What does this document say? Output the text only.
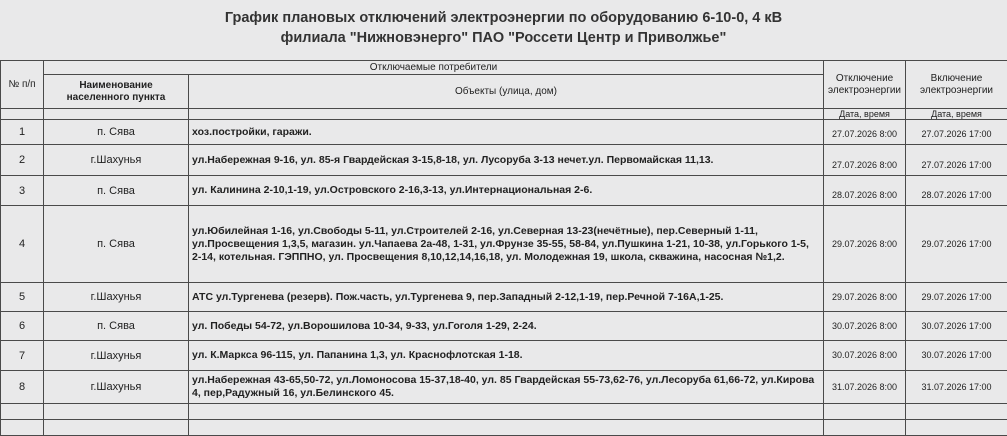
График плановых отключений электроэнергии по оборудованию 6-10-0, 4 кВ
филиала "Нижновэнерго" ПАО "Россети Центр и Приволжье"
№ п/п	Отключаемые потребители		Отключение электроэнергии	Включение электроэнергии
	Наименование населенного пункта	Объекты (улица, дом)		
			Дата, время	Дата, время
1	п. Сява	хоз.постройки, гаражи.	27.07.2026 8:00	27.07.2026 17:00
2	г.Шахунья	ул.Набережная 9-16, ул. 85-я Гвардейская 3-15,8-18, ул. Лусоруба 3-13 нечет.ул. Первомайская 11,13.	27.07.2026 8:00	27.07.2026 17:00
3	п. Сява	ул. Калинина 2-10,1-19, ул.Островского 2-16,3-13, ул.Интернациональная 2-6.	28.07.2026 8:00	28.07.2026 17:00
4	п. Сява	ул.Юбилейная 1-16, ул.Свободы 5-11, ул.Строителей 2-16, ул.Северная 13-23(нечётные), пер.Северный 1-11, ул.Просвещения 1,3,5, магазин. ул.Чапаева 2а-48, 1-31, ул.Фрунзе 35-55, 58-84, ул.Пушкина 1-21, 10-38, ул.Горького 1-5, 2-14, котельная. ГЭППНО, ул. Просвещения 8,10,12,14,16,18, ул. Молодежная 19, школа, скважина, насосная №1,2.	29.07.2026 8:00	29.07.2026 17:00
5	г.Шахунья	АТС ул.Тургенева (резерв). Пож.часть, ул.Тургенева 9, пер.Западный 2-12,1-19, пер.Речной 7-16А,1-25.	29.07.2026 8:00	29.07.2026 17:00
6	п. Сява	ул. Победы 54-72, ул.Ворошилова 10-34, 9-33, ул.Гоголя 1-29, 2-24.	30.07.2026 8:00	30.07.2026 17:00
7	г.Шахунья	ул. К.Маркса 96-115, ул. Папанина 1,3, ул. Краснофлотская 1-18.	30.07.2026 8:00	30.07.2026 17:00
8	г.Шахунья	ул.Набережная 43-65,50-72, ул.Ломоносова 15-37,18-40, ул. 85 Гвардейская 55-73,62-76, ул.Лесоруба 61,66-72, ул.Кирова 4, пер,Радужный 16, ул.Белинского 45.	31.07.2026 8:00	31.07.2026 17:00
